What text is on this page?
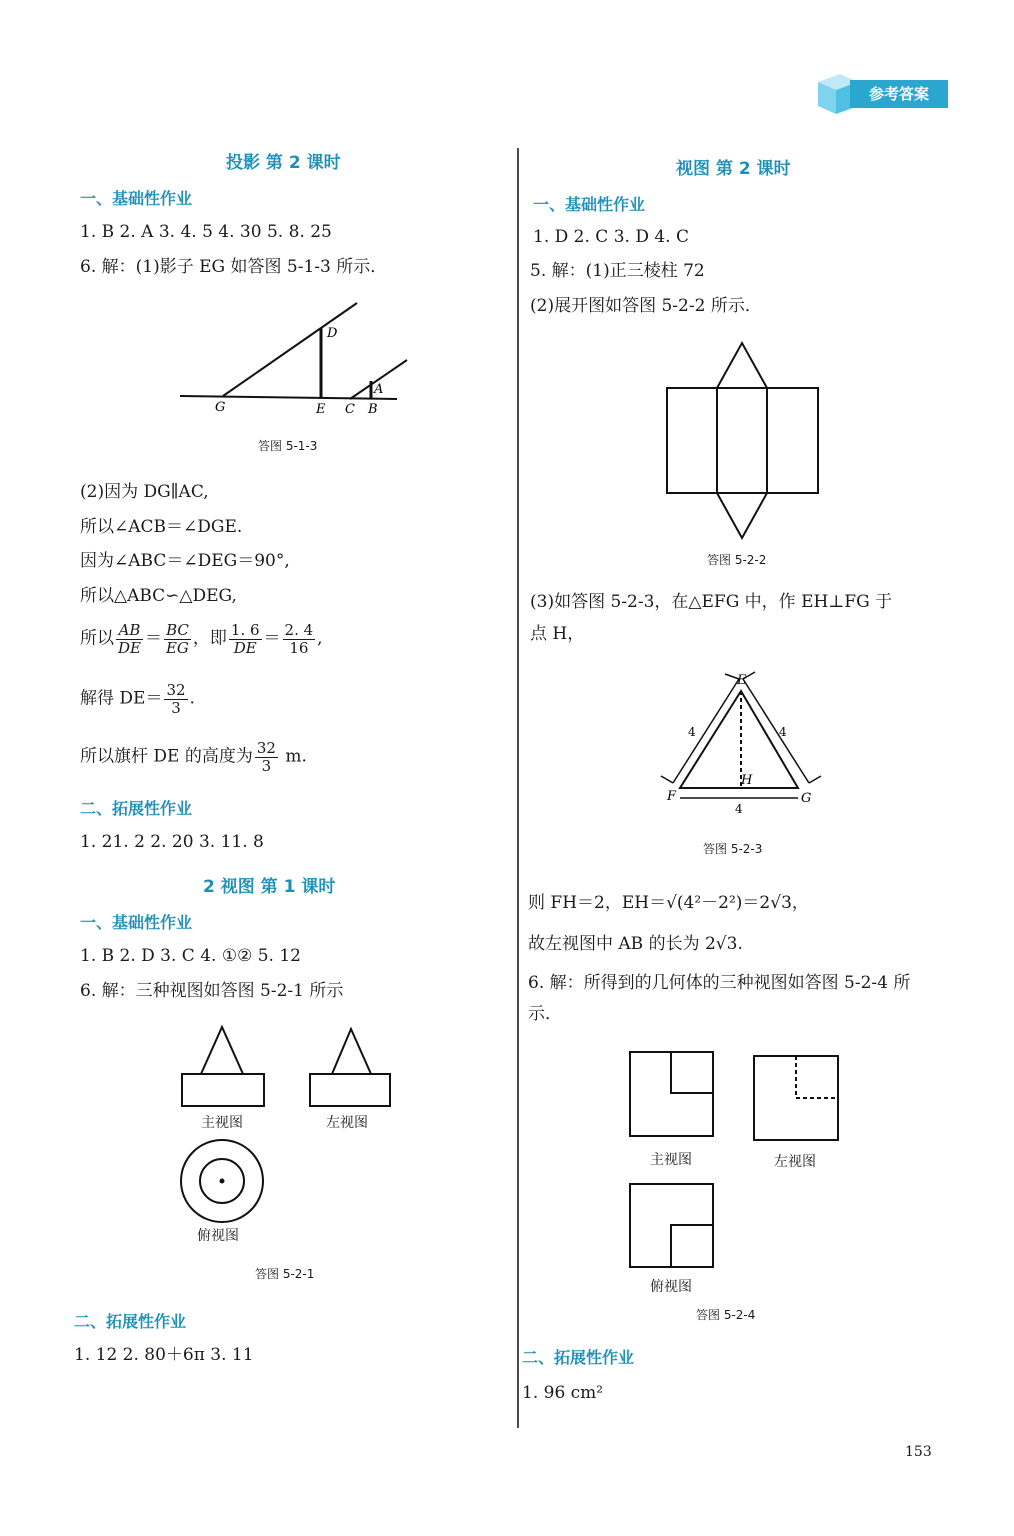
参考答案
投影 第 2 课时
一、基础性作业
1. B 2. A 3. 4. 5 4. 30 5. 8. 25
6. 解：(1)影子 EG 如答图 5-1-3 所示．
D
A
G	E C B
答图 5-1-3
(2)因为 DG∥AC,
所以∠ACB＝∠DGE.
因为∠ABC＝∠DEG＝90°,
所以△ABC∽△DEG,
所以 $\frac{AB}{DE} = \frac{BC}{EG}$ ，即 $\frac{1. 6}{DE} = \frac{2. 4}{16}$ ,
解得 $DE= \frac{32}{3}$ .
所以旗杆 DE 的高度为 $\frac{32}{3} m$.
二、拓展性作业
1. 21. 2 2. 20 3. 11. 8
2 视图 第 1 课时
一、基础性作业
1. B 2. D 3. C 4. ①② 5. 12
6. 解：三种视图如答图 5-2-1 所示
主视图	左视图
俯视图
答图 5-2-1
二、拓展性作业
1. 12 2. 80＋6π 3. 11
视图 第 2 课时
一、基础性作业
1. D 2. C 3. D 4. C
5. 解：(1)正三棱柱 72
(2)展开图如答图 5-2-2 所示．
答图 5-2-2
(3)如答图 5-2-3，在△EFG 中，作 EH⊥FG 于
点 H，
E
4	4
H
F	G
4
答图 5-2-3
则 FH＝2，EH＝√(4²－2²)＝2√3，
故左视图中 AB 的长为 2√3.
6. 解：所得到的几何体的三种视图如答图 5-2-4 所
示．
主视图	左视图
俯视图
答图 5-2-4
二、拓展性作业
1. 96 cm²
153
